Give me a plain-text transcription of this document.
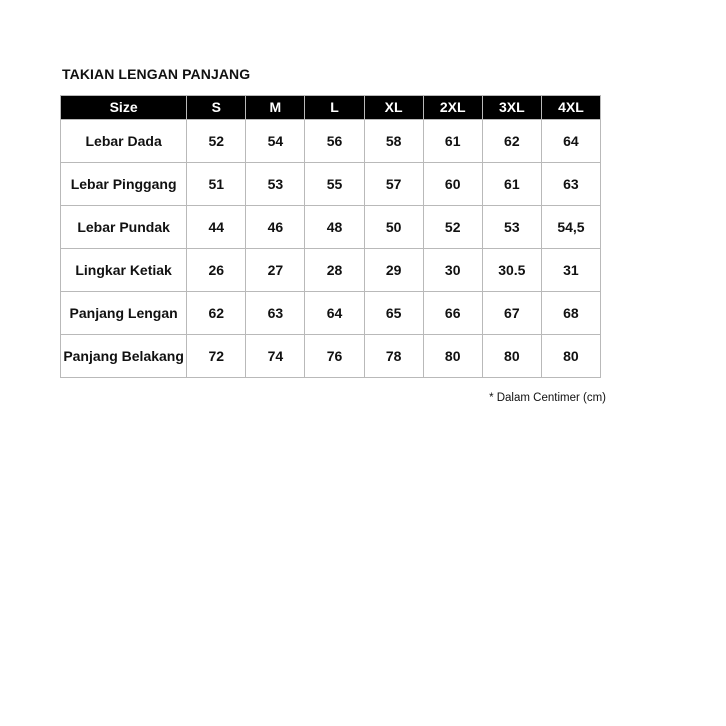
TAKIAN LENGAN PANJANG
Size	S	M	L	XL	2XL	3XL	4XL
Lebar Dada	52	54	56	58	61	62	64
Lebar Pinggang	51	53	55	57	60	61	63
Lebar Pundak	44	46	48	50	52	53	54,5
Lingkar Ketiak	26	27	28	29	30	30.5	31
Panjang Lengan	62	63	64	65	66	67	68
Panjang Belakang	72	74	76	78	80	80	80
* Dalam Centimer (cm)
